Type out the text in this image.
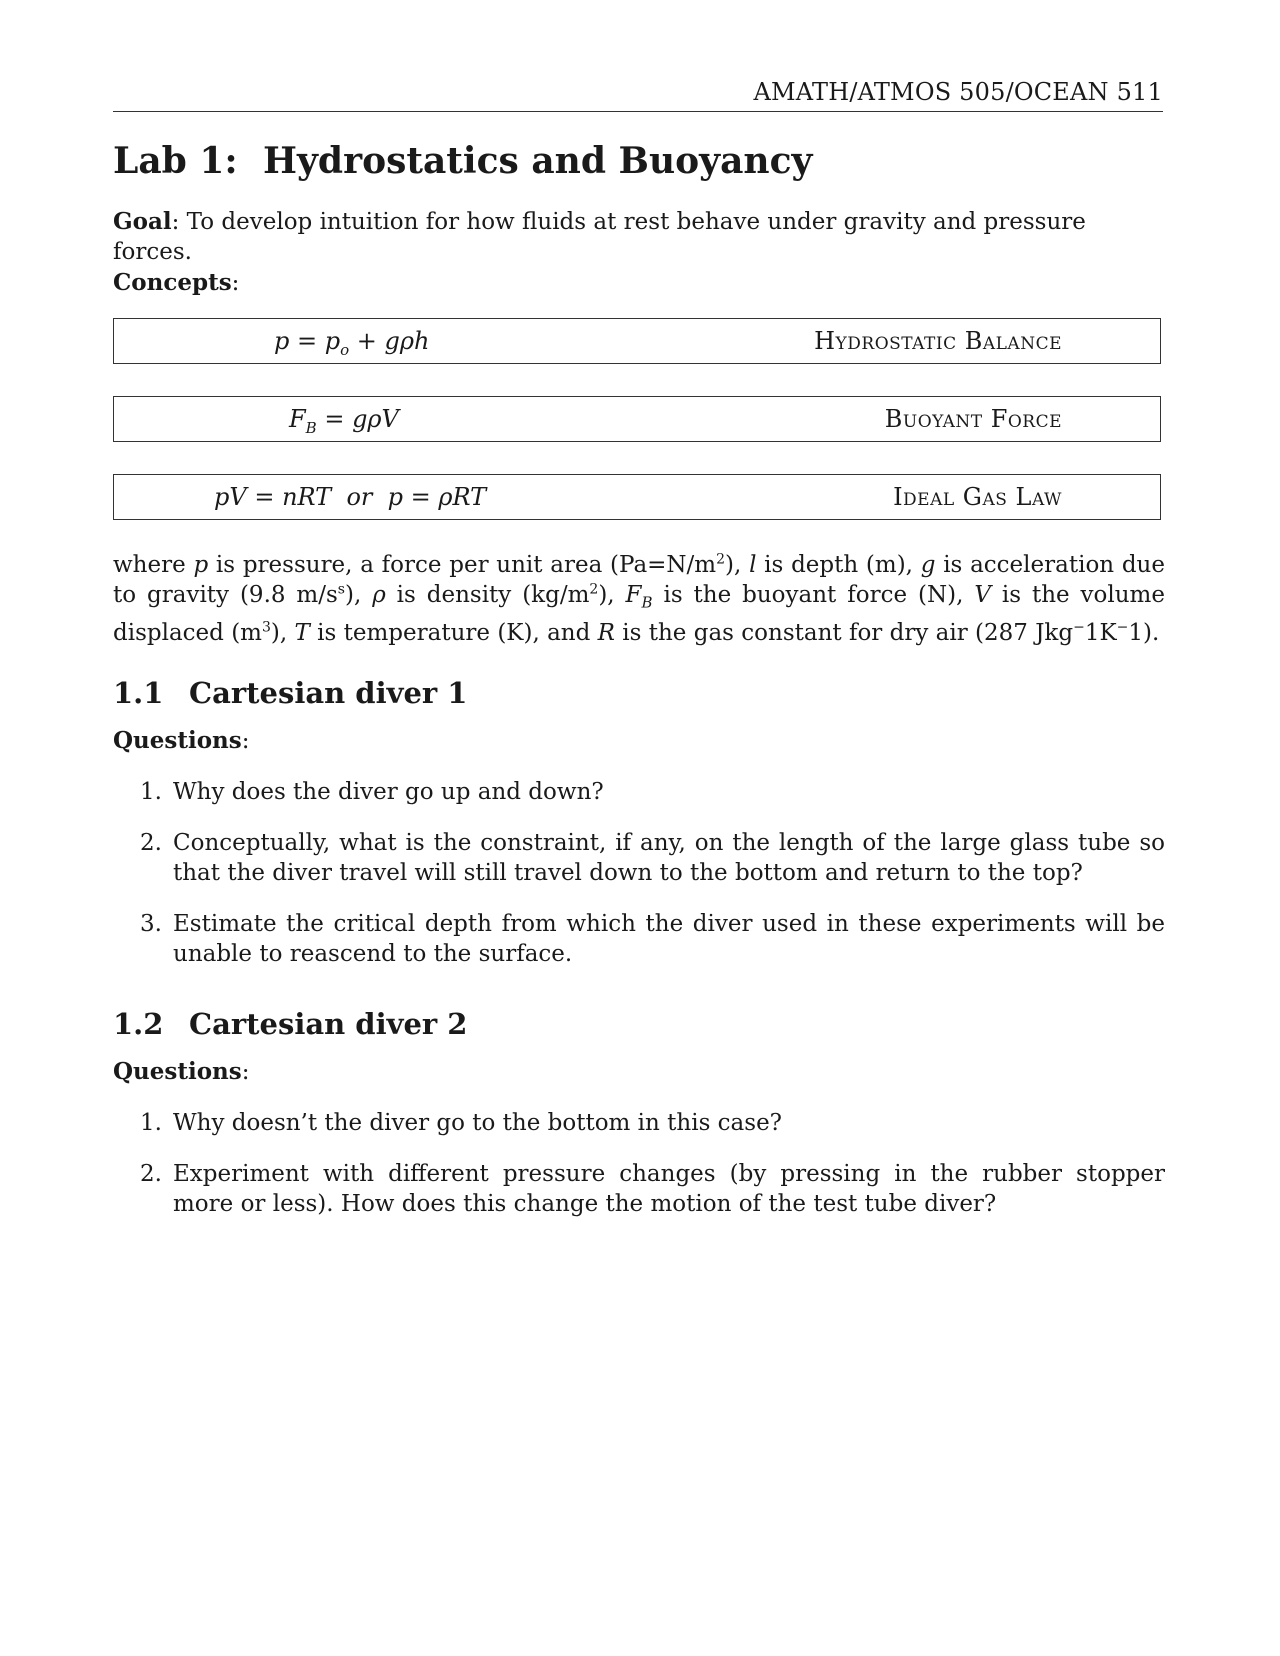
AMATH/ATMOS 505/OCEAN 511
Lab 1: Hydrostatics and Buoyancy
Goal: To develop intuition for how fluids at rest behave under gravity and pressure forces.
Concepts:
$p = p_o + g\rho h$	Hydrostatic Balance
$F_B = g\rho V$	Buoyant Force
pV = nRT  or  p = ρRT	Ideal Gas Law
where p is pressure, a force per unit area $(Pa=N/m^2)$, l is depth (m), g is acceleration due to gravity (9.8 $m/s^s$), ρ is density $(kg/m^2)$, $F_B$ is the buoyant force (N), V is the volume displaced $(m^3)$, T is temperature (K), and R is the gas constant for dry air (287 Jkg−1K−1).
1.1 Cartesian diver 1
Questions:
1. Why does the diver go up and down?
2. Conceptually, what is the constraint, if any, on the length of the large glass tube so that the diver travel will still travel down to the bottom and return to the top?
3. Estimate the critical depth from which the diver used in these experiments will be unable to reascend to the surface.
1.2 Cartesian diver 2
Questions:
1. Why doesn’t the diver go to the bottom in this case?
2. Experiment with different pressure changes (by pressing in the rubber stopper more or less). How does this change the motion of the test tube diver?
